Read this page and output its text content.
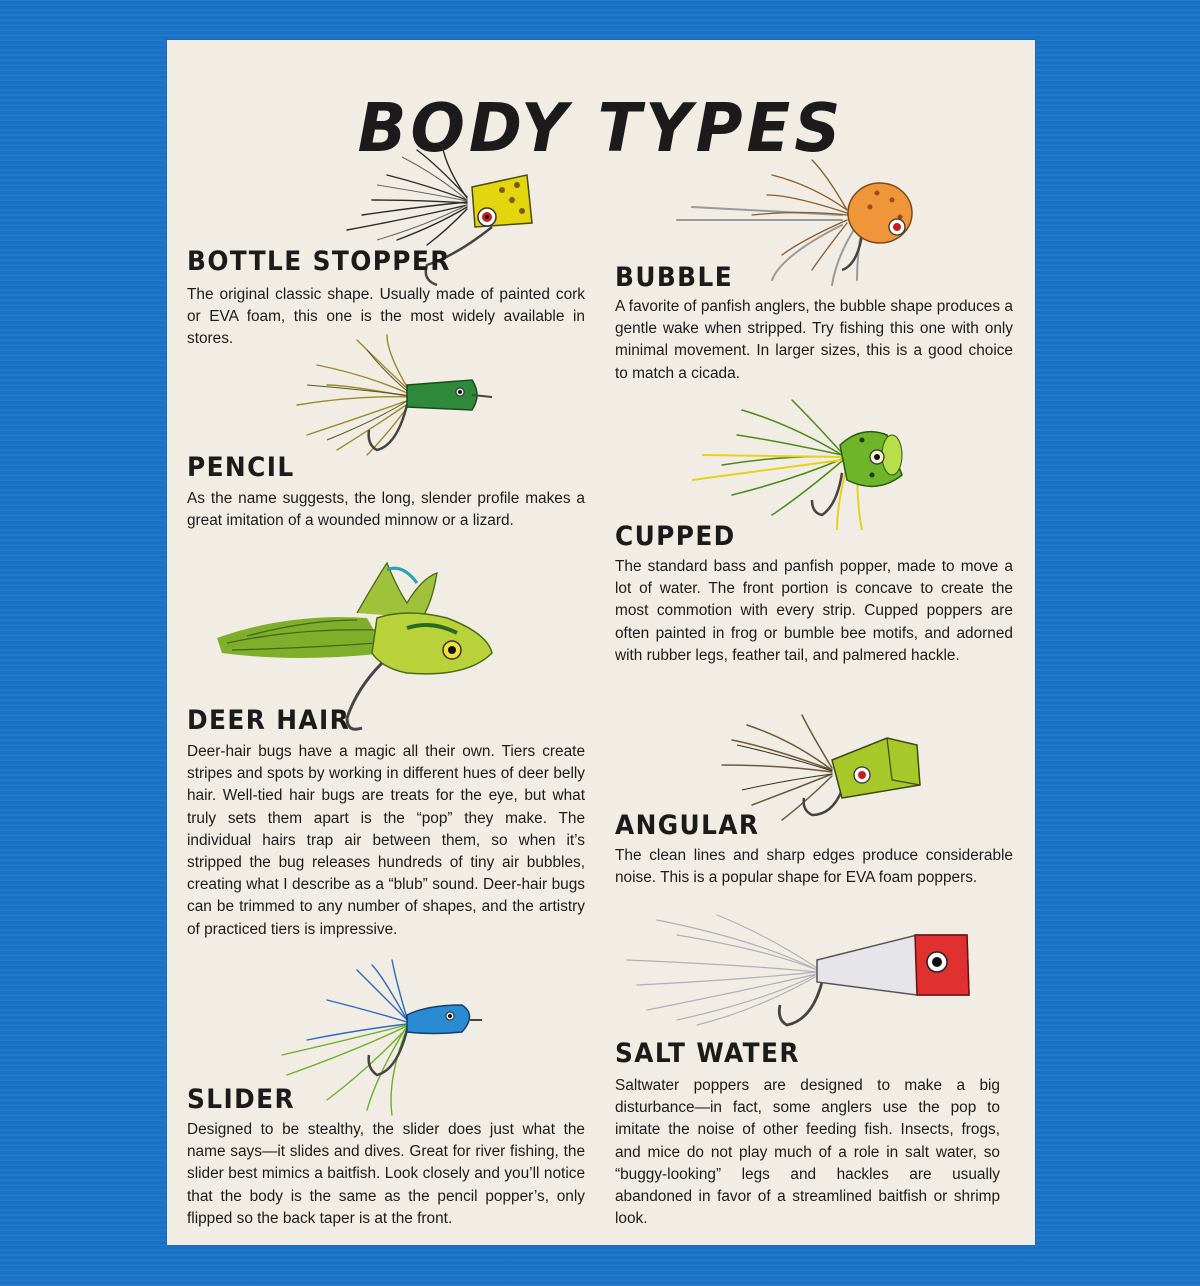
BODY TYPES
BOTTLE STOPPER

The original classic shape. Usually made of painted cork or EVA foam, this one is the most widely available in stores.

PENCIL

As the name suggests, the long, slender profile makes a great imitation of a wounded minnow or a lizard.

DEER HAIR

Deer-hair bugs have a magic all their own. Tiers create stripes and spots by working in different hues of deer belly hair. Well-tied hair bugs are treats for the eye, but what truly sets them apart is the “pop” they make. The individual hairs trap air between them, so when it’s stripped the bug releases hundreds of tiny air bubbles, creating what I describe as a “blub” sound. Deer-hair bugs can be trimmed to any number of shapes, and the artistry of practiced tiers is impressive.

SLIDER

Designed to be stealthy, the slider does just what the name says—it slides and dives. Great for river fishing, the slider best mimics a baitfish. Look closely and you’ll notice that the body is the same as the pencil popper’s, only flipped so the back taper is at the front.

BUBBLE

A favorite of panfish anglers, the bubble shape produces a gentle wake when stripped. Try fishing this one with only minimal movement. In larger sizes, this is a good choice to match a cicada.

CUPPED

The standard bass and panfish popper, made to move a lot of water. The front portion is concave to create the most commotion with every strip. Cupped poppers are often painted in frog or bumble bee motifs, and adorned with rubber legs, feather tail, and palmered hackle.

ANGULAR

The clean lines and sharp edges produce considerable noise. This is a popular shape for EVA foam poppers.

SALT WATER

Saltwater poppers are designed to make a big disturbance—in fact, some anglers use the pop to imitate the noise of other feeding fish. Insects, frogs, and mice do not play much of a role in salt water, so “buggy-looking” legs and hackles are usually abandoned in favor of a streamlined baitfish or shrimp look.
